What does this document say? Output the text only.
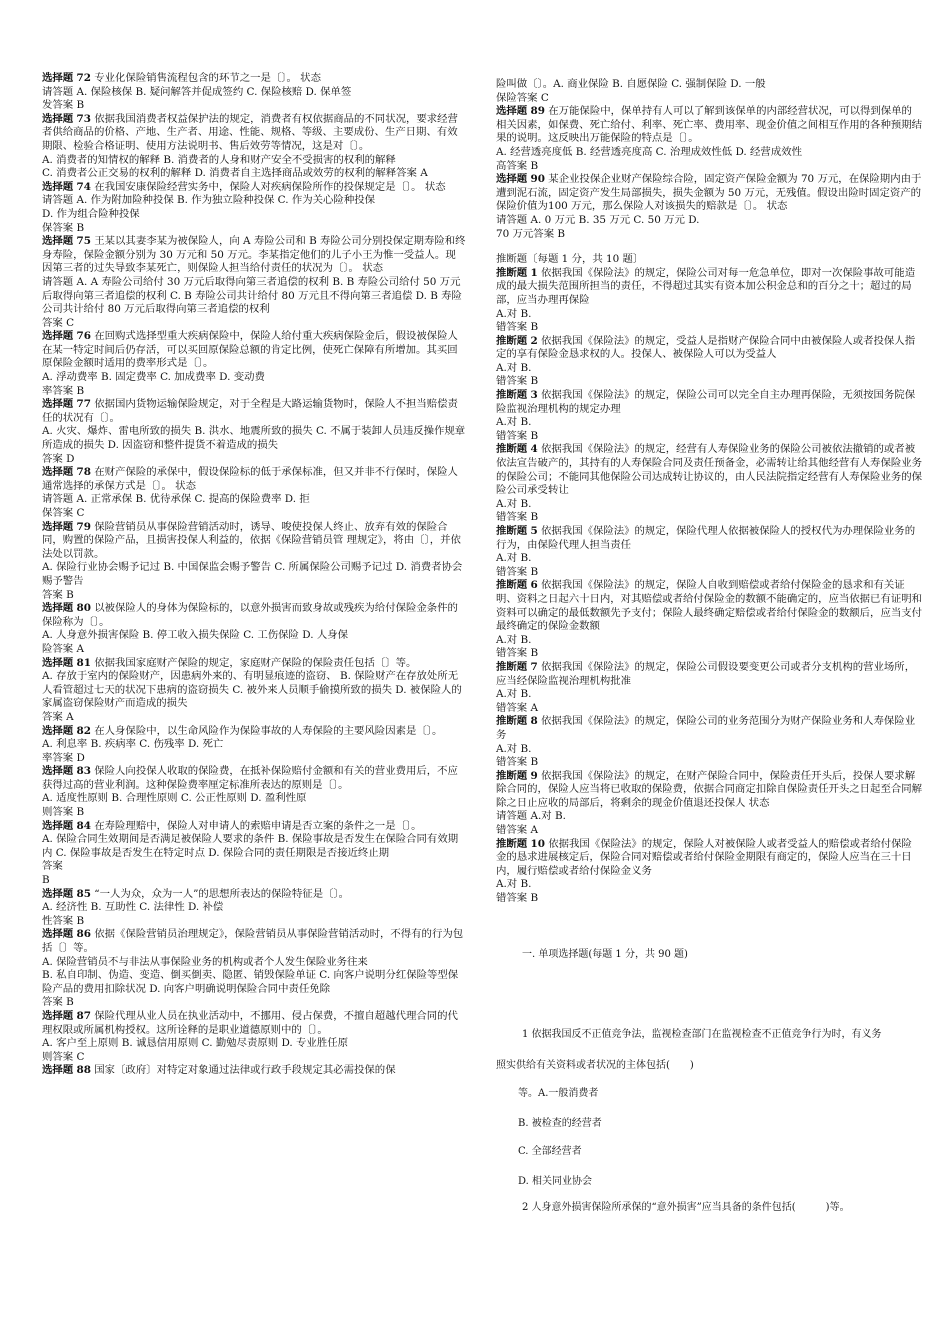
选择题 72 专业化保险销售流程包含的环节之一是〔〕。 状态

请答题 A. 保险核保 B. 疑问解答并促成签约 C. 保险核赔 D. 保单签

发答案 B

选择题 73 依据我国消费者权益保护法的规定，消费者有权依据商品的不同状况，要求经营者供给商品的价格、产地、生产者、用途、性能、规格、等级、主要成份、生产日期、有效期限、检验合格证明、使用方法说明书、售后效劳等情况，这是对〔〕。

A. 消费者的知情权的解释 B. 消费者的人身和财产安全不受损害的权利的解释

C. 消费者公正交易的权利的解释 D. 消费者自主选择商品或效劳的权利的解释答案 A

选择题 74 在我国安康保险经营实务中，保险人对疾病保险所作的投保规定是〔〕。 状态

请答题 A. 作为附加险种投保 B. 作为独立险种投保 C. 作为关心险种投保

D. 作为组合险种投保

保答案 B

选择题 75 王某以其妻李某为被保险人，向 A 寿险公司和 B 寿险公司分别投保定期寿险和终身寿险，保险金额分别为 30 万元和 50 万元。李某指定他们的儿子小王为惟一受益人。现因第三者的过失导致李某死亡，则保险人担当给付责任的状况为〔〕。 状态

请答题 A. A 寿险公司给付 30 万元后取得向第三者追偿的权利 B. B 寿险公司给付 50 万元后取得向第三者追偿的权利 C. B 寿险公司共计给付 80 万元且不得向第三者追偿 D. B 寿险公司共计给付 80 万元后取得向第三者追偿的权利

答案 C

选择题 76 在回购式选择型重大疾病保险中，保险人给付重大疾病保险金后，假设被保险人在某一特定时间后仍存活，可以买回原保险总额的肯定比例，使死亡保障有所增加。其买回原保险金额时适用的费率形式是〔〕。

A. 浮动费率 B. 固定费率 C. 加成费率 D. 变动费

率答案 B

选择题 77 依据国内货物运输保险规定，对于全程是大路运输货物时，保险人不担当赔偿责任的状况有〔〕。

A. 火灾、爆炸、雷电所致的损失 B. 洪水、地震所致的损失 C. 不属于装卸人员违反操作规章所造成的损失 D. 因盗窃和整件提货不着造成的损失

答案 D

选择题 78 在财产保险的承保中，假设保险标的低于承保标准，但又并非不行保时，保险人通常选择的承保方式是〔〕。 状态

请答题 A. 正常承保 B. 优待承保 C. 提高的保险费率 D. 拒

保答案 C

选择题 79 保险营销员从事保险营销活动时，诱导、唆使投保人终止、放弃有效的保险合同，购置的保险产品，且损害投保人利益的，依据《保险营销员管 理规定》，将由〔〕，并依法处以罚款。

A. 保险行业协会赐予记过 B. 中国保监会赐予警告 C. 所属保险公司赐予记过 D. 消费者协会赐予警告

答案 B

选择题 80 以被保险人的身体为保险标的，以意外损害而致身故或残疾为给付保险金条件的保险称为〔〕。

A. 人身意外损害保险 B. 停工收入损失保险 C. 工伤保险 D. 人身保

险答案 A

选择题 81 依据我国家庭财产保险的规定，家庭财产保险的保险责任包括〔〕等。

A. 存放于室内的保险财产，因患病外来的、有明显痕迹的盗窃、 B. 保险财产在存放处所无人看管超过七天的状况下患病的盗窃损失 C. 被外来人员顺手偷摸所致的损失 D. 被保险人的家属盗窃保险财产而造成的损失

答案 A

选择题 82 在人身保险中，以生命风险作为保险事故的人寿保险的主要风险因素是〔〕。

A. 利息率 B. 疾病率 C. 伤残率 D. 死亡

率答案 D

选择题 83 保险人向投保人收取的保险费，在抵补保险赔付金额和有关的营业费用后，不应获得过高的营业利润。这种保险费率厘定标准所表达的原则是〔〕。

A. 适度性原则 B. 合理性原则 C. 公正性原则 D. 盈利性原

则答案 B

选择题 84 在寿险理赔中，保险人对申请人的索赔申请是否立案的条件之一是〔〕。

A. 保险合同生效期间是否满足被保险人要求的条件 B. 保险事故是否发生在保险合同有效期内 C. 保险事故是否发生在特定时点 D. 保险合同的责任期限是否接近终止期

答案

B

选择题 85 “一人为众，众为一人”的思想所表达的保险特征是〔〕。

A. 经济性 B. 互助性 C. 法律性 D. 补偿

性答案 B

选择题 86 依据《保险营销员治理规定》，保险营销员从事保险营销活动时，不得有的行为包括〔〕等。

A. 保险营销员不与非法从事保险业务的机构或者个人发生保险业务往来

B. 私自印制、伪造、变造、倒买倒卖、隐匿、销毁保险单证 C. 向客户说明分红保险等型保险产品的费用扣除状况 D. 向客户明确说明保险合同中责任免除

答案 B

选择题 87 保险代理从业人员在执业活动中，不挪用、侵占保费，不擅自超越代理合同的代理权限或所属机构授权。这所诠释的是职业道德原则中的〔〕。

A. 客户至上原则 B. 诚恳信用原则 C. 勤勉尽责原则 D. 专业胜任原

则答案 C

选择题 88 国家〔政府〕对特定对象通过法律或行政手段规定其必需投保的保

险叫做〔〕。A. 商业保险 B. 自愿保险 C. 强制保险 D. 一般

保险答案 C

选择题 89 在万能保险中，保单持有人可以了解到该保单的内部经营状况，可以得到保单的相关因素，如保费、死亡给付、利率、死亡率、费用率、现金价值之间相互作用的各种预期结果的说明。这反映出万能保险的特点是〔〕。

A. 经营透亮度低 B. 经营透亮度高 C. 治理成效性低 D. 经营成效性

高答案 B

选择题 90 某企业投保企业财产保险综合险，固定资产保险金额为 70 万元，在保险期内由于遭到泥石流，固定资产发生局部损失，损失金额为 50 万元，无残值。假设出险时固定资产的保险价值为100 万元，那么保险人对该损失的赔款是〔〕。 状态

请答题 A. 0 万元 B. 35 万元 C. 50 万元 D.

70 万元答案 B

推断题〔每题 1 分，共 10 题〕

推断题 1 依据我国《保险法》的规定，保险公司对每一危急单位，即对一次保险事故可能造成的最大损失范围所担当的责任，不得超过其实有资本加公积金总和的百分之十；超过的局部，应当办理再保险

A.对 B.

错答案 B

推断题 2 依据我国《保险法》的规定，受益人是指财产保险合同中由被保险人或者投保人指定的享有保险金恳求权的人。投保人、被保险人可以为受益人

A.对 B.

错答案 B

推断题 3 依据我国《保险法》的规定，保险公司可以完全自主办理再保险，无须按国务院保险监视治理机构的规定办理

A.对 B.

错答案 B

推断题 4 依据我国《保险法》的规定，经营有人寿保险业务的保险公司被依法撤销的或者被依法宣告破产的，其持有的人寿保险合同及责任预备金，必需转让给其他经营有人寿保险业务的保险公司；不能同其他保险公司达成转让协议的，由人民法院指定经营有人寿保险业务的保险公司承受转让

A.对 B.

错答案 B

推断题 5 依据我国《保险法》的规定，保险代理人依据被保险人的授权代为办理保险业务的行为，由保险代理人担当责任

A.对 B.

错答案 B

推断题 6 依据我国《保险法》的规定，保险人自收到赔偿或者给付保险金的恳求和有关证明、资料之日起六十日内，对其赔偿或者给付保险金的数额不能确定的，应当依据已有证明和资料可以确定的最低数额先予支付；保险人最终确定赔偿或者给付保险金的数额后，应当支付最终确定的保险金数额

A.对 B.

错答案 B

推断题 7 依据我国《保险法》的规定，保险公司假设要变更公司或者分支机构的营业场所，应当经保险监视治理机构批准

A.对 B.

错答案 A

推断题 8 依据我国《保险法》的规定，保险公司的业务范围分为财产保险业务和人寿保险业务

A.对 B.

错答案 B

推断题 9 依据我国《保险法》的规定，在财产保险合同中，保险责任开头后，投保人要求解除合同的，保险人应当将已收取的保险费，依据合同商定扣除自保险责任开头之日起至合同解除之日止应收的局部后，将剩余的现金价值退还投保人 状态

请答题 A.对 B.

错答案 A

推断题 10 依据我国《保险法》的规定，保险人对被保险人或者受益人的赔偿或者给付保险金的恳求进展核定后，保险合同对赔偿或者给付保险金期限有商定的，保险人应当在三十日内，履行赔偿或者给付保险金义务

A.对 B.

错答案 B

一. 单项选择题(每题 1 分，共 90 题)
1 依据我国反不正值竞争法，监视检查部门在监视检查不正值竞争行为时，有义务
照实供给有关资料或者状况的主体包括(　　)
等。A.一般消费者
B. 被检查的经营者
C. 全部经营者
D. 相关同业协会
2 人身意外损害保险所承保的“意外损害”应当具备的条件包括(　　　)等。
